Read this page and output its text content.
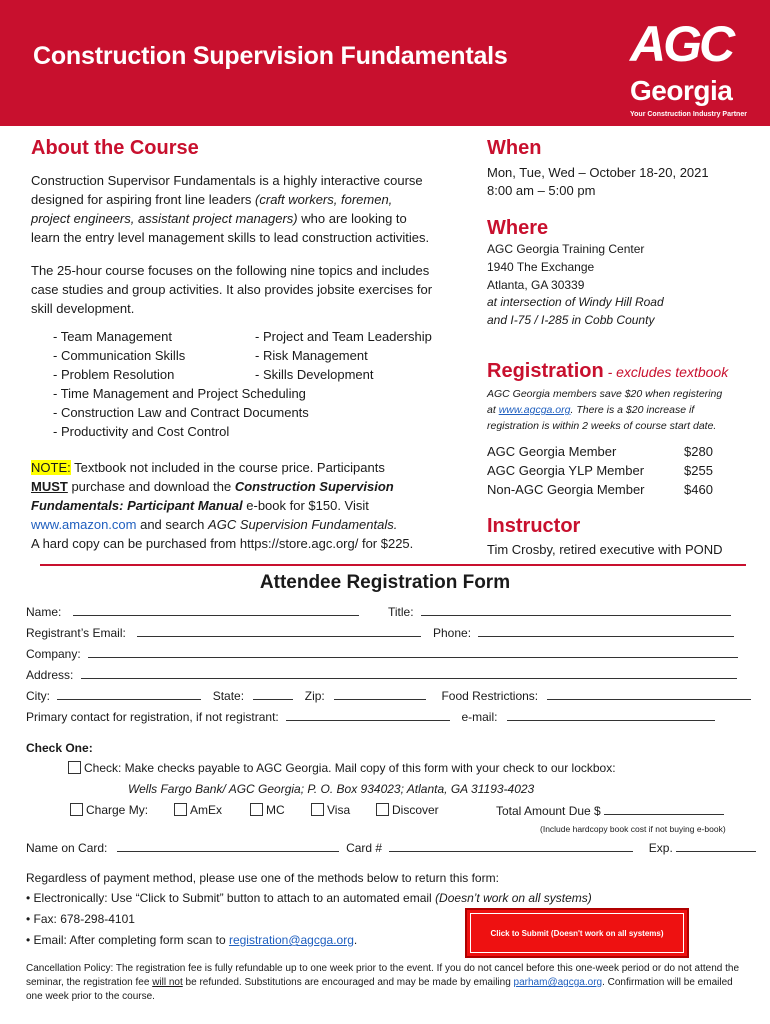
Construction Supervision Fundamentals AGC
Georgia
Your Construction Industry Partner
About the Course
Construction Supervisor Fundamentals is a highly interactive course
designed for aspiring front line leaders (craft workers, foremen,
project engineers, assistant project managers) who are looking to
learn the entry level management skills to lead construction activities.
The 25-hour course focuses on the following nine topics and includes
case studies and group activities. It also provides jobsite exercises for
skill development.
- Team Management
- Communication Skills
- Problem Resolution
- Time Management and Project Scheduling
- Construction Law and Contract Documents
- Productivity and Cost Control
- Project and Team Leadership
- Risk Management
- Skills Development
NOTE: Textbook not included in the course price. Participants
MUST purchase and download the Construction Supervision
Fundamentals: Participant Manual e-book for $150. Visit
www.amazon.com and search AGC Supervision Fundamentals.
A hard copy can be purchased from https://store.agc.org/ for $225.
When
Mon, Tue, Wed – October 18-20, 2021
8:00 am – 5:00 pm
Where
AGC Georgia Training Center
1940 The Exchange
Atlanta, GA 30339
at intersection of Windy Hill Road
and I-75 / I-285 in Cobb County
Registration - excludes textbook
AGC Georgia members save $20 when registering
at www.agcga.org. There is a $20 increase if
registration is within 2 weeks of course start date.
AGC Georgia Member	$280
AGC Georgia YLP Member	$255
Non-AGC Georgia Member	$460
Instructor
Tim Crosby, retired executive with POND
Attendee Registration Form
Name:	Title:
Registrant’s Email:	Phone:
Company:
Address:
City:	State:	Zip:	Food Restrictions:
Primary contact for registration, if not registrant:	e-mail:
Check One:
Check: Make checks payable to AGC Georgia. Mail copy of this form with your check to our lockbox:
Wells Fargo Bank/ AGC Georgia; P. O. Box 934023; Atlanta, GA 31193-4023
Charge My:	AmEx	MC	Visa	Discover	Total Amount Due $
(Include hardcopy book cost if not buying e-book)
Name on Card:	Card #	Exp.
Regardless of payment method, please use one of the methods below to return this form:
• Electronically: Use “Click to Submit” button to attach to an automated email (Doesn’t work on all systems)
• Fax: 678-298-4101
• Email: After completing form scan to registration@agcga.org.	Click to Submit (Doesn't work on all systems)
Cancellation Policy: The registration fee is fully refundable up to one week prior to the event. If you do not cancel before this one-week period or do not attend the seminar, the registration fee will not be refunded. Substitutions are encouraged and may be made by emailing parham@agcga.org. Confirmation will be emailed one week prior to the course.
